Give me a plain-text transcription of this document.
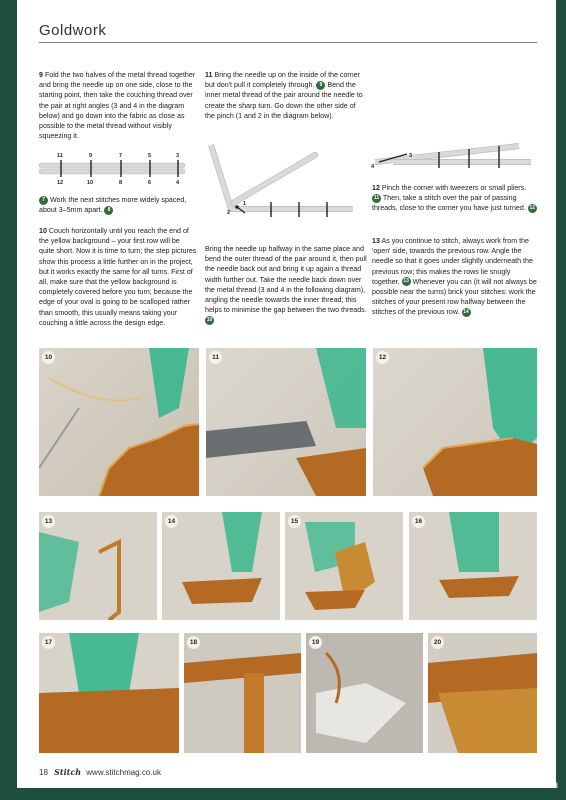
Goldwork

9 Fold the two halves of the metal thread together and bring the needle up on one side, close to the starting point, then take the couching thread over the pair at right angles (3 and 4 in the diagram below) and go down into the fabric as close as possible to the metal thread without visibly squeezing it.

11	9	7	5	3
12	10	8	6	4

7 Work the next stitches more widely spaced, about 3–5mm apart. 8

10 Couch horizontally until you reach the end of the yellow background – your first row will be quite short. Now it is time to turn; the step pictures show this process a little further on in the project, but it works exactly the same for all turns. First of all, make sure that the yellow background is completely covered before you turn; because the edge of your oval is going to be scalloped rather than smooth, this usually means taking your couching a little across the design edge.

11 Bring the needle up on the inside of the corner but don't pull it completely through. 9 Bend the inner metal thread of the pair around the needle to create the sharp turn. Go down the other side of the pinch (1 and 2 in the diagram below).

1
2

Bring the needle up halfway in the same place and bend the outer thread of the pair around it, then pull the needle back out and bring it up again a thread width further out. Take the needle back down over the metal thread (3 and 4 in the following diagram), angling the needle towards the inner thread; this helps to minimise the gap between the two threads. 10

3
4

12 Pinch the corner with tweezers or small pliers. 11 Then, take a stitch over the pair of passing threads, close to the corner you have just turned. 12

13 As you continue to stitch, always work from the 'open' side, towards the previous row. Angle the needle so that it goes under slightly underneath the previous row; this makes the rows lie snugly together. 13 Whenever you can (it will not always be possible near the turns) brick your stitches: work the stitches of your present row halfway between the stitches of the previous row. 14

10	11	12
13	14	15	16
17	18	19	20
18 Stitch www.stitchmag.co.uk
PassionForum.ru
